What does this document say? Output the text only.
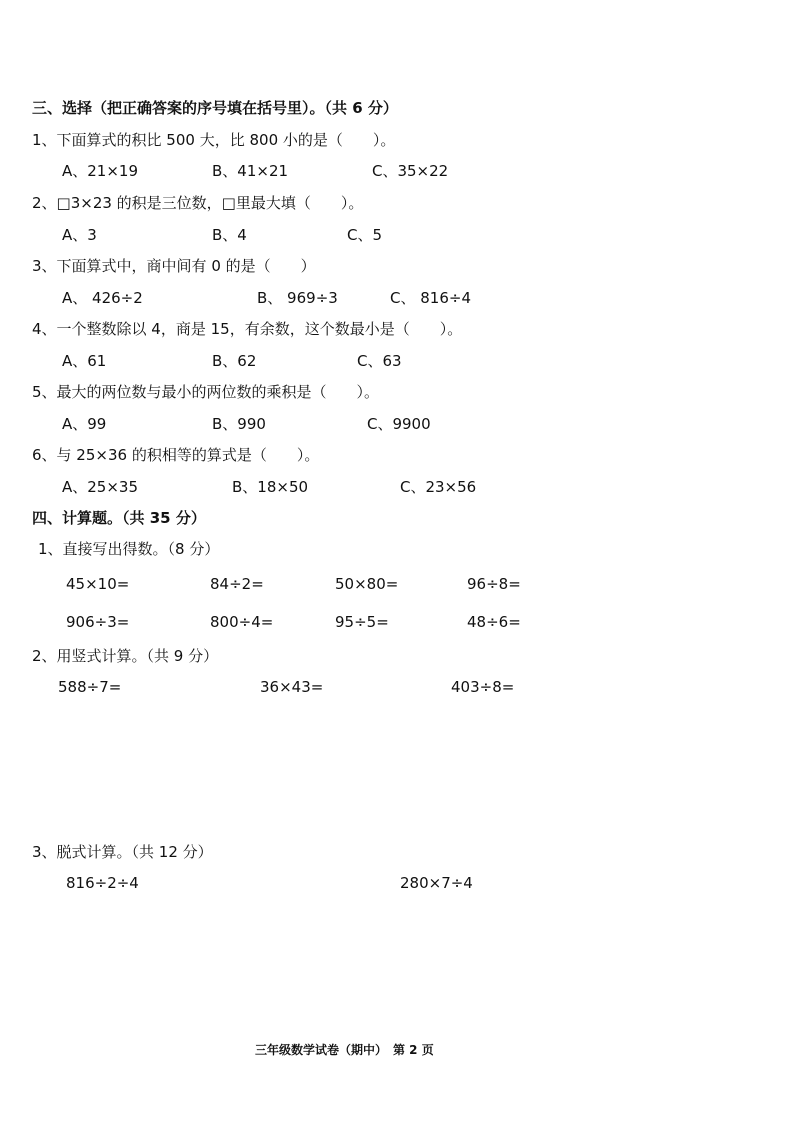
三、选择（把正确答案的序号填在括号里）。（共 6 分）
1、下面算式的积比 500 大，比 800 小的是（　　）。
A、21×19	B、41×21	C、35×22
2、□3×23 的积是三位数，□里最大填（　　）。
A、3	B、4	C、5
3、下面算式中，商中间有 0 的是（　　）
A、 426÷2	B、 969÷3	C、 816÷4
4、一个整数除以 4，商是 15，有余数，这个数最小是（　　）。
A、61	B、62	C、63
5、最大的两位数与最小的两位数的乘积是（　　）。
A、99	B、990	C、9900
6、与 25×36 的积相等的算式是（　　）。
A、25×35	B、18×50	C、23×56
四、计算题。（共 35 分）
1、直接写出得数。（8 分）
45×10=	84÷2=	50×80=	96÷8=
906÷3=	800÷4=	95÷5=	48÷6=
2、用竖式计算。（共 9 分）
588÷7=	36×43=	403÷8=
3、脱式计算。（共 12 分）
816÷2÷4	280×7÷4
三年级数学试卷（期中）　第 2 页
